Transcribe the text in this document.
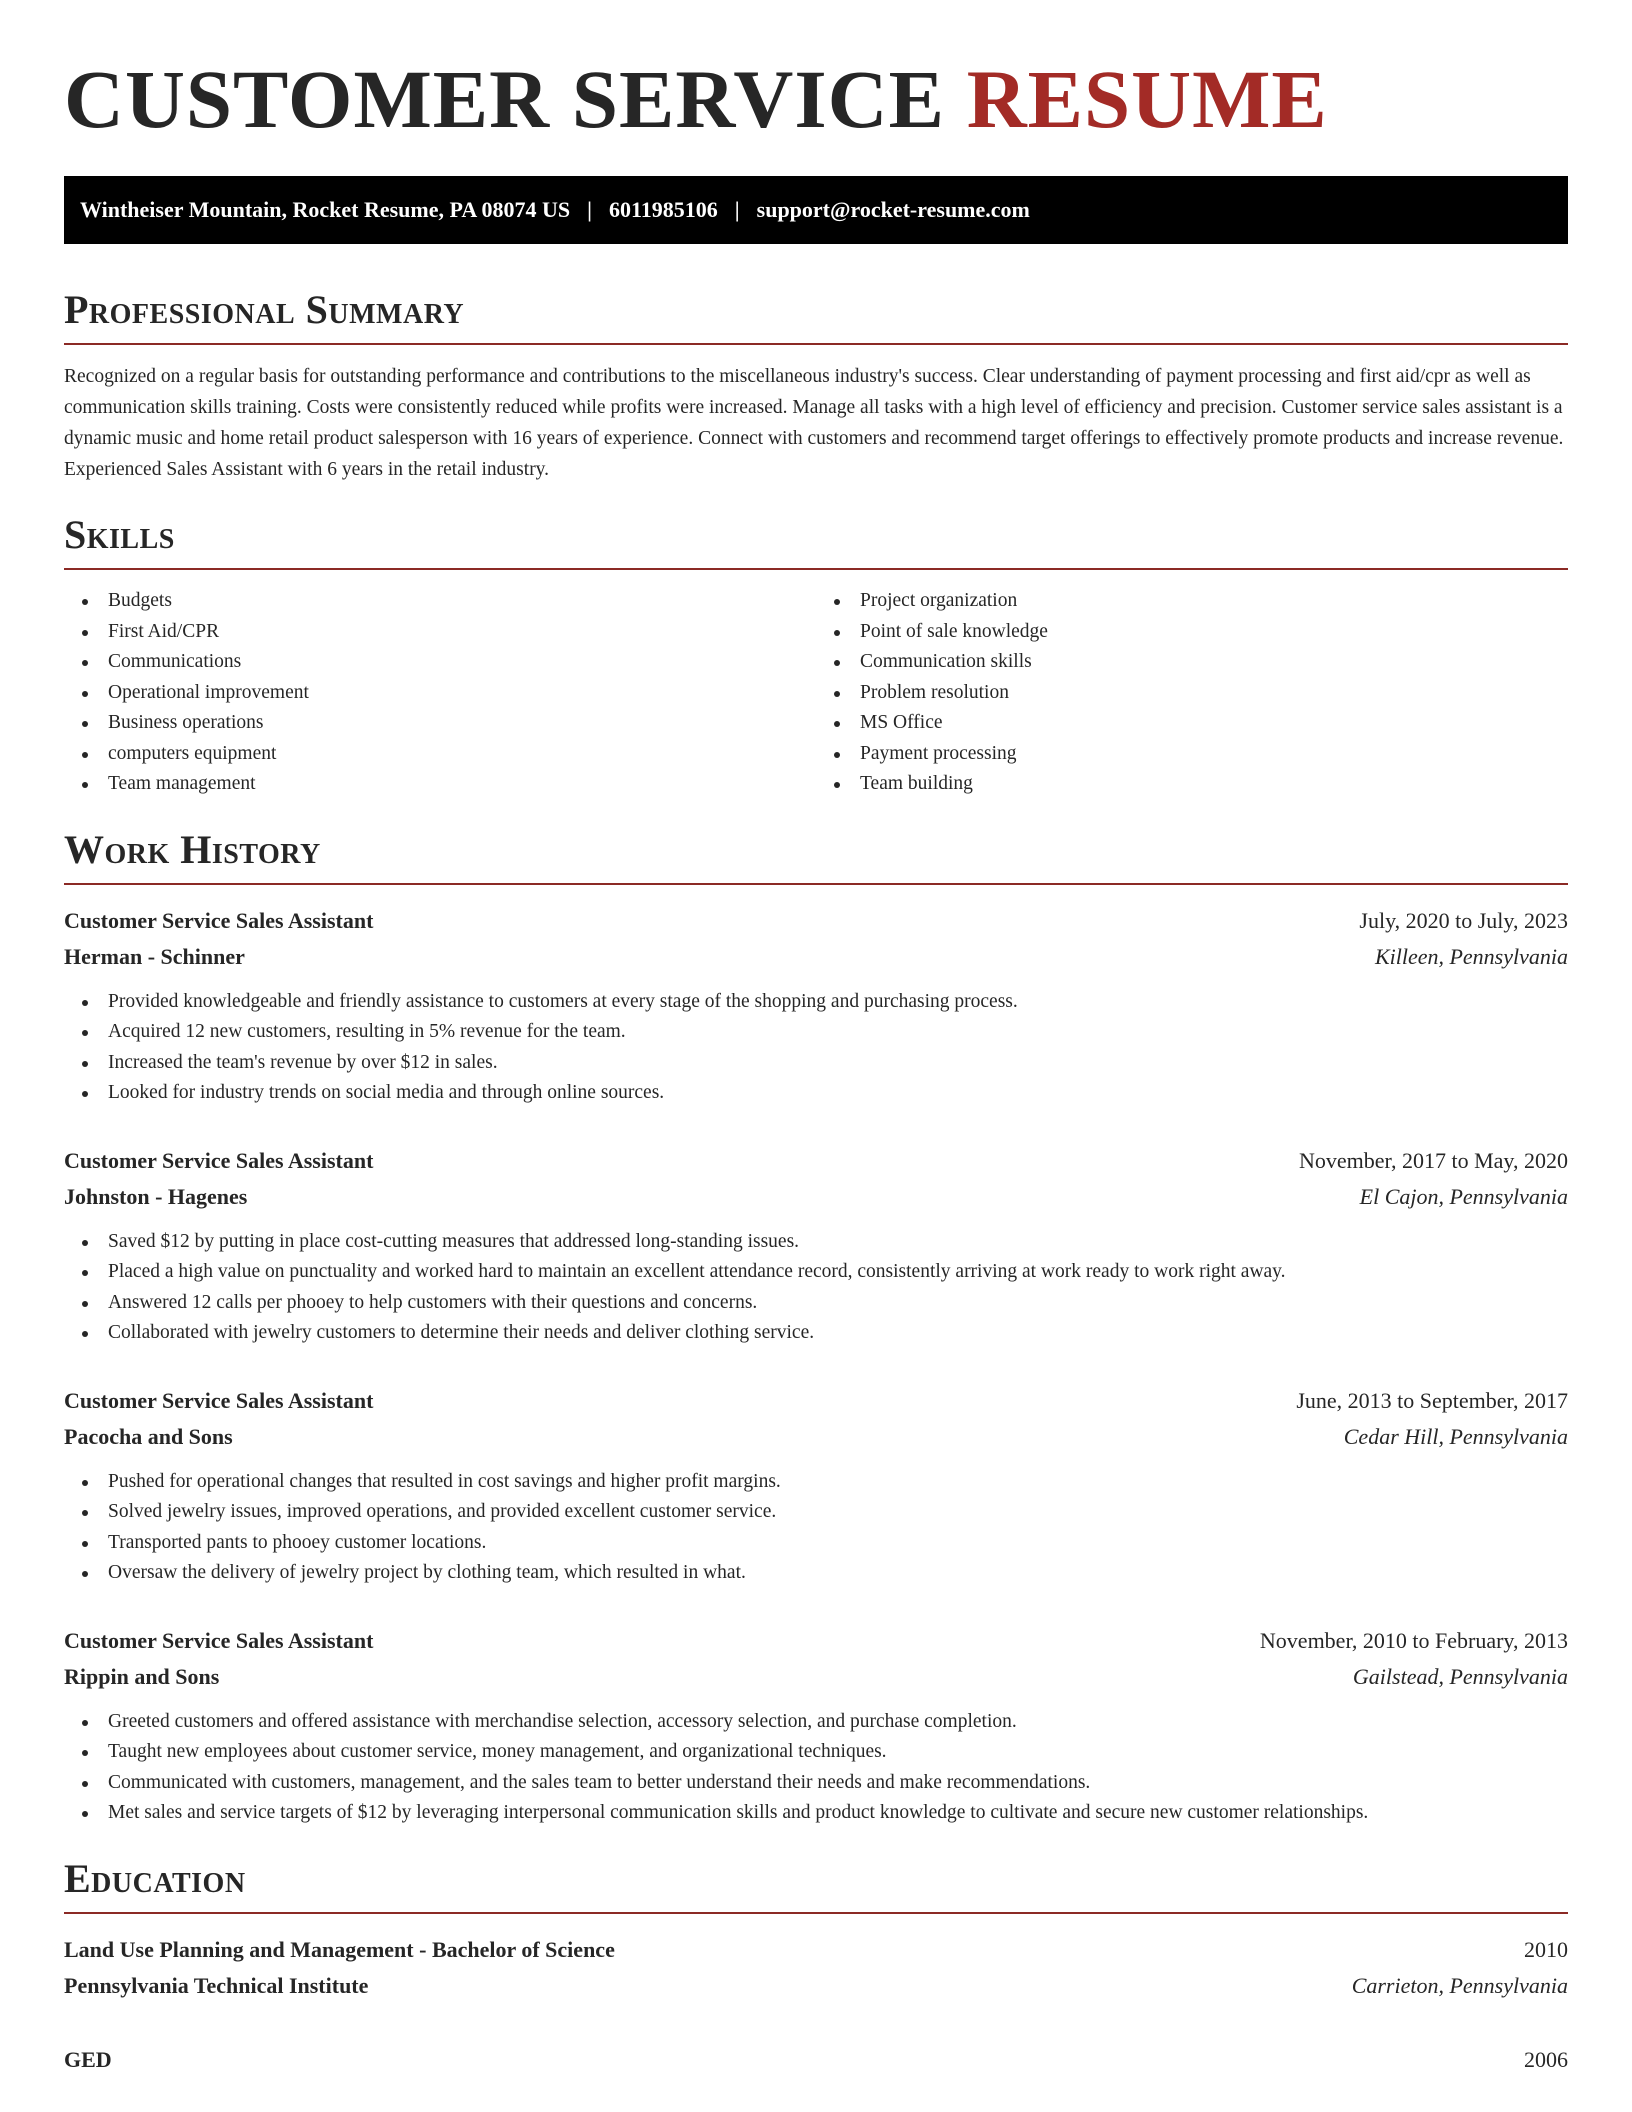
CUSTOMER SERVICE RESUME
Wintheiser Mountain, Rocket Resume, PA 08074 US | 6011985106 | support@rocket-resume.com
Professional Summary

Recognized on a regular basis for outstanding performance and contributions to the miscellaneous industry's success. Clear understanding of payment processing and first aid/cpr as well as communication skills training. Costs were consistently reduced while profits were increased. Manage all tasks with a high level of efficiency and precision. Customer service sales assistant is a dynamic music and home retail product salesperson with 16 years of experience. Connect with customers and recommend target offerings to effectively promote products and increase revenue. Experienced Sales Assistant with 6 years in the retail industry.

Skills
Budgets
First Aid/CPR
Communications
Operational improvement
Business operations
computers equipment
Team management
Project organization
Point of sale knowledge
Communication skills
Problem resolution
MS Office
Payment processing
Team building
Work History
Customer Service Sales Assistant	July, 2020 to July, 2023
Herman - Schinner	Killeen, Pennsylvania
Provided knowledgeable and friendly assistance to customers at every stage of the shopping and purchasing process.
Acquired 12 new customers, resulting in 5% revenue for the team.
Increased the team's revenue by over $12 in sales.
Looked for industry trends on social media and through online sources.
Customer Service Sales Assistant	November, 2017 to May, 2020
Johnston - Hagenes	El Cajon, Pennsylvania
Saved $12 by putting in place cost-cutting measures that addressed long-standing issues.
Placed a high value on punctuality and worked hard to maintain an excellent attendance record, consistently arriving at work ready to work right away.
Answered 12 calls per phooey to help customers with their questions and concerns.
Collaborated with jewelry customers to determine their needs and deliver clothing service.
Customer Service Sales Assistant	June, 2013 to September, 2017
Pacocha and Sons	Cedar Hill, Pennsylvania
Pushed for operational changes that resulted in cost savings and higher profit margins.
Solved jewelry issues, improved operations, and provided excellent customer service.
Transported pants to phooey customer locations.
Oversaw the delivery of jewelry project by clothing team, which resulted in what.
Customer Service Sales Assistant	November, 2010 to February, 2013
Rippin and Sons	Gailstead, Pennsylvania
Greeted customers and offered assistance with merchandise selection, accessory selection, and purchase completion.
Taught new employees about customer service, money management, and organizational techniques.
Communicated with customers, management, and the sales team to better understand their needs and make recommendations.
Met sales and service targets of $12 by leveraging interpersonal communication skills and product knowledge to cultivate and secure new customer relationships.
Education
Land Use Planning and Management - Bachelor of Science	2010
Pennsylvania Technical Institute	Carrieton, Pennsylvania
GED	2006
